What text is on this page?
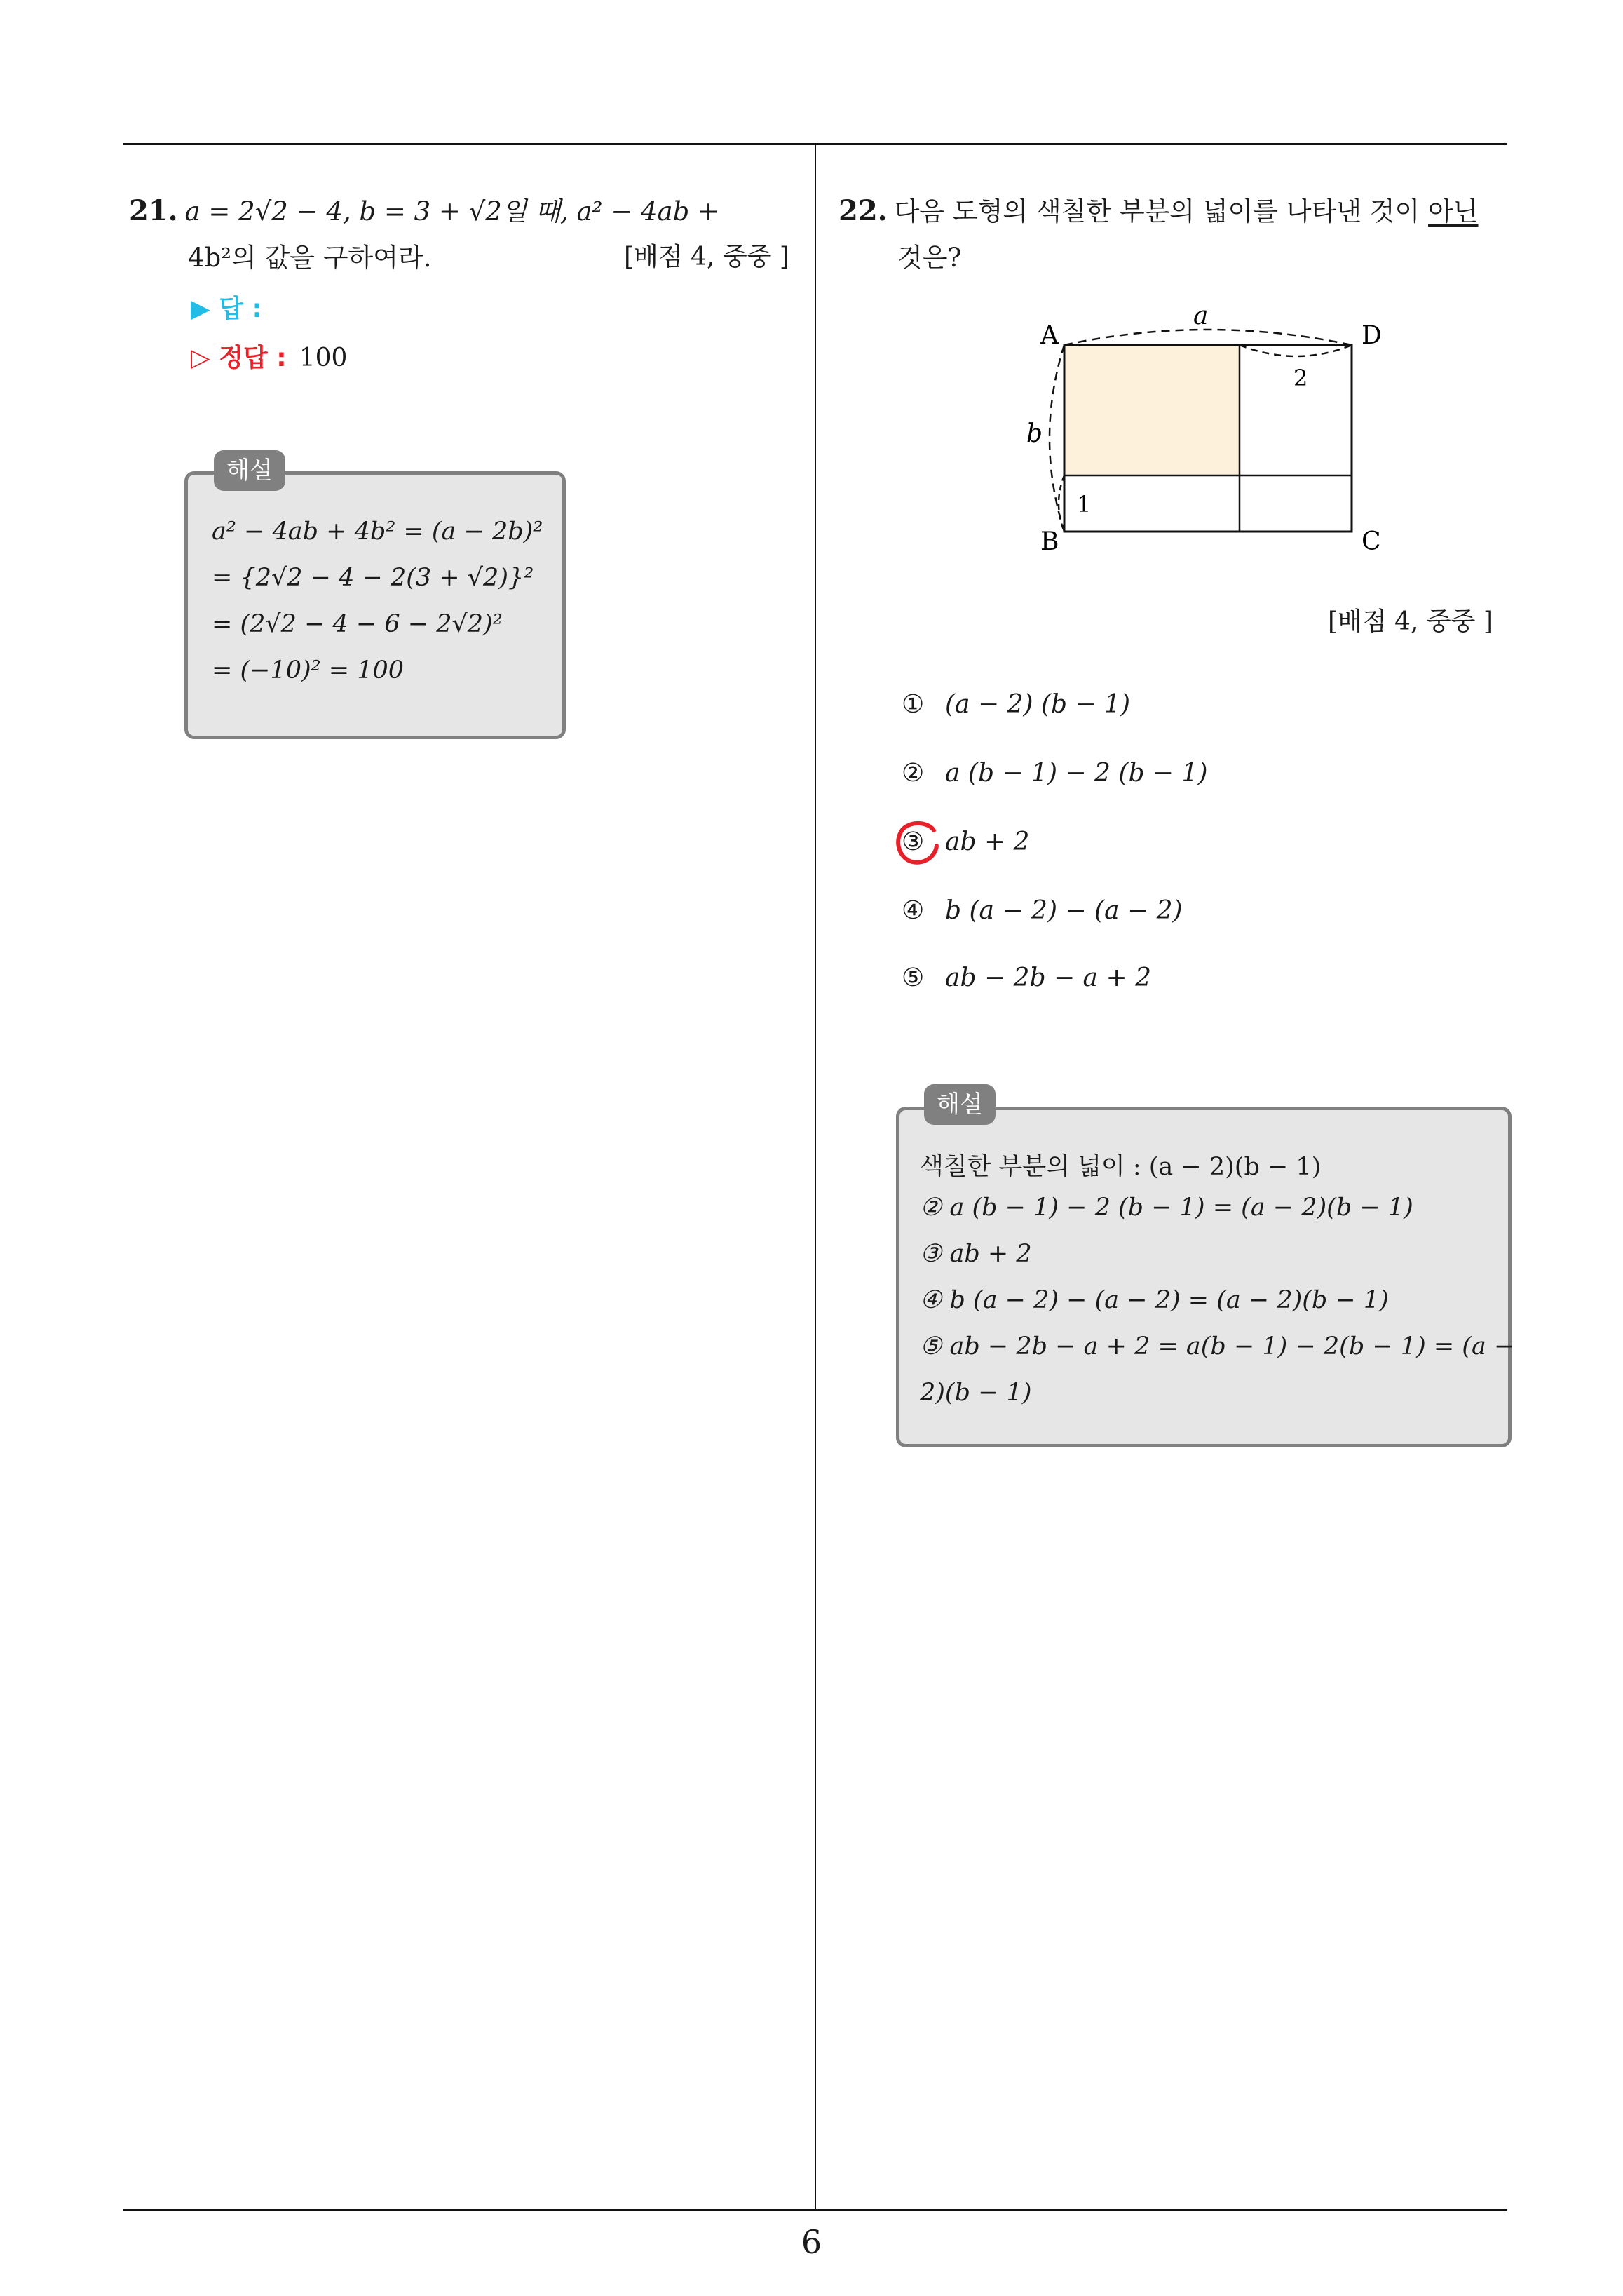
21. a = 2√2 − 4, b = 3 + √2일 때, a² − 4ab +
4b²의 값을 구하여라.	[배점 4, 중중 ]
▶ 답 :
▷ 정답 : 100
해설
a² − 4ab + 4b² = (a − 2b)²
= {2√2 − 4 − 2(3 + √2)}²
= (2√2 − 4 − 6 − 2√2)²
= (−10)² = 100
22. 다음 도형의 색칠한 부분의 넓이를 나타낸 것이 아닌
것은?
A	D
B	C
a
b
2
1
[배점 4, 중중 ]
① (a − 2) (b − 1)
② a (b − 1) − 2 (b − 1)
③ ab + 2
④ b (a − 2) − (a − 2)
⑤ ab − 2b − a + 2
해설
색칠한 부분의 넓이 : (a − 2)(b − 1)
② a (b − 1) − 2 (b − 1) = (a − 2)(b − 1)
③ ab + 2
④ b (a − 2) − (a − 2) = (a − 2)(b − 1)
⑤ ab − 2b − a + 2 = a(b − 1) − 2(b − 1) = (a −
2)(b − 1)
6
